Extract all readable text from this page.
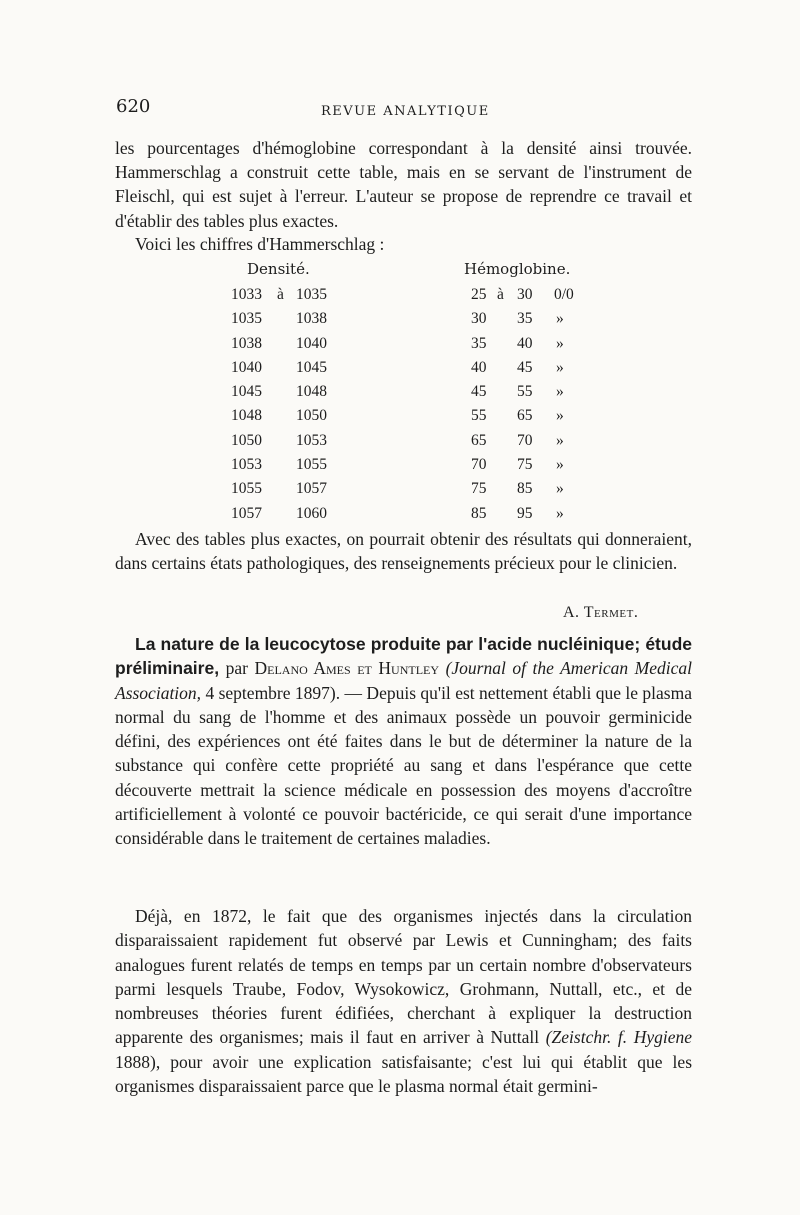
620	REVUE ANALYTIQUE

les pourcentages d'hémoglobine correspondant à la densité ainsi trouvée. Hammerschlag a construit cette table, mais en se servant de l'instrument de Fleischl, qui est sujet à l'erreur. L'auteur se propose de reprendre ce travail et d'établir des tables plus exactes.

Voici les chiffres d'Hammerschlag :

Densité.	Hémoglobine.
1033 à 1035	25 à 30 0/0
1035 1038	30 35 »
1038 1040	35 40 »
1040 1045	40 45 »
1045 1048	45 55 »
1048 1050	55 65 »
1050 1053	65 70 »
1053 1055	70 75 »
1055 1057	75 85 »
1057 1060	85 95 »

Avec des tables plus exactes, on pourrait obtenir des résultats qui donneraient, dans certains états pathologiques, des renseignements précieux pour le clinicien.

A. Termet.

La nature de la leucocytose produite par l'acide nucléinique; étude préliminaire, par Delano Ames et Huntley (Journal of the American Medical Association, 4 septembre 1897). — Depuis qu'il est nettement établi que le plasma normal du sang de l'homme et des animaux possède un pouvoir germinicide défini, des expériences ont été faites dans le but de déterminer la nature de la substance qui confère cette propriété au sang et dans l'espérance que cette découverte mettrait la science médicale en possession des moyens d'accroître artificiellement à volonté ce pouvoir bactéricide, ce qui serait d'une importance considérable dans le traitement de certaines maladies.

Déjà, en 1872, le fait que des organismes injectés dans la circulation disparaissaient rapidement fut observé par Lewis et Cunningham; des faits analogues furent relatés de temps en temps par un certain nombre d'observateurs parmi lesquels Traube, Fodov, Wysokowicz, Grohmann, Nuttall, etc., et de nombreuses théories furent édifiées, cherchant à expliquer la destruction apparente des organismes; mais il faut en arriver à Nuttall (Zeistchr. f. Hygiene 1888), pour avoir une explication satisfaisante; c'est lui qui établit que les organismes disparaissaient parce que le plasma normal était germini-
